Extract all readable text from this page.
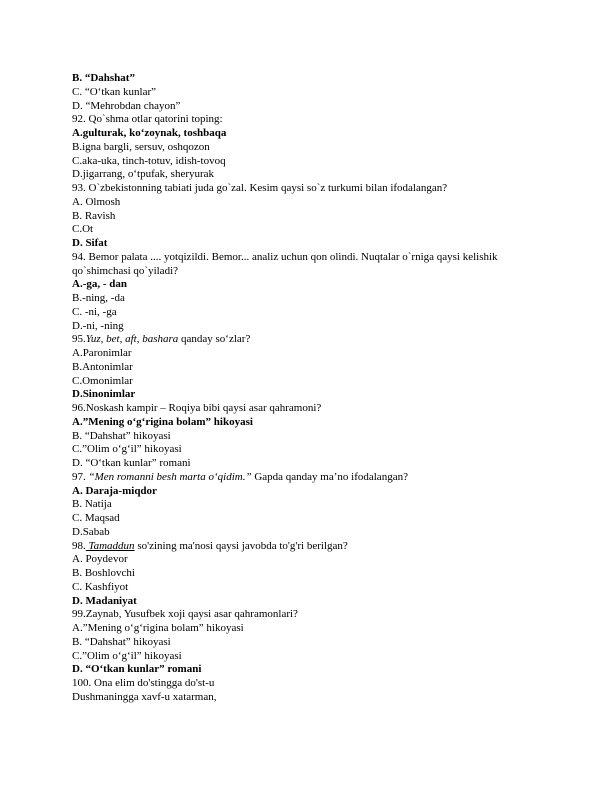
B. “Dahshat”
C. “O‘tkan kunlar”
D. “Mehrobdan chayon”
92. Qo`shma otlar qatorini toping:
A.gulturak, ko‘zoynak, toshbaqa
B.igna bargli, sersuv, oshqozon
C.aka-uka, tinch-totuv, idish-tovoq
D.jigarrang, o‘tpufak, sheryurak
93. O`zbekistonning tabiati juda go`zal. Kesim qaysi so`z turkumi bilan ifodalangan?
A. Olmosh
B. Ravish
C.Ot
D. Sifat
94. Bemor palata .... yotqizildi. Bemor... analiz uchun qon olindi. Nuqtalar o`rniga qaysi kelishik
qo`shimchasi qo`yiladi?
A.-ga, - dan
B.-ning, -da
C. -ni, -ga
D.-ni, -ning
95.Yuz, bet, aft, bashara qanday so‘zlar?
A.Paronimlar
B.Antonimlar
C.Omonimlar
D.Sinonimlar
96.Noskash kampir – Roqiya bibi qaysi asar qahramoni?
A.”Mening o‘g‘rigina bolam” hikoyasi
B. “Dahshat” hikoyasi
C.”Olim o‘g‘il” hikoyasi
D. “O‘tkan kunlar” romani
97. “Men romanni besh marta o‘qidim.” Gapda qanday ma’no ifodalangan?
A. Daraja-miqdor
B. Natija
C. Maqsad
D.Sabab
98. Tamaddun so'zining ma'nosi qaysi javobda to'g'ri berilgan?
A. Poydevor
B. Boshlovchi
C. Kashfiyot
D. Madaniyat
99.Zaynab, Yusufbek xoji qaysi asar qahramonlari?
A.”Mening o‘g‘rigina bolam” hikoyasi
B. “Dahshat” hikoyasi
C.”Olim o‘g‘il” hikoyasi
D. “O‘tkan kunlar” romani
100. Ona elim do'stingga do'st-u
Dushmaningga xavf-u xatarman,
